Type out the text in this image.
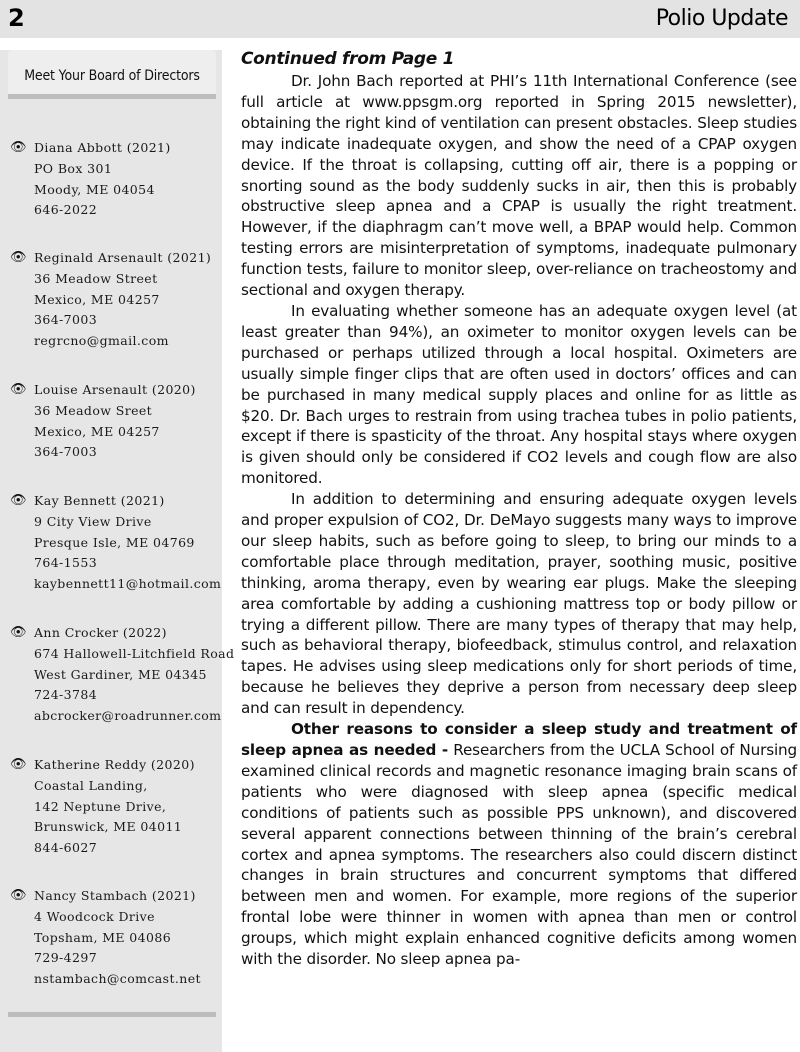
2	Polio Update
Meet Your Board of Directors
👁︎ Diana Abbott (2021)
PO Box 301
Moody, ME 04054
646-2022
👁︎ Reginald Arsenault (2021)
36 Meadow Street
Mexico, ME 04257
364-7003
regrcno@gmail.com
👁︎ Louise Arsenault (2020)
36 Meadow Sreet
Mexico, ME 04257
364-7003
👁︎ Kay Bennett (2021)
9 City View Drive
Presque Isle, ME 04769
764-1553
kaybennett11@hotmail.com
👁︎ Ann Crocker (2022)
674 Hallowell-Litchfield Road
West Gardiner, ME 04345
724-3784
abcrocker@roadrunner.com
👁︎ Katherine Reddy (2020)
Coastal Landing,
142 Neptune Drive,
Brunswick, ME 04011
844-6027
👁︎ Nancy Stambach (2021)
4 Woodcock Drive
Topsham, ME 04086
729-4297
nstambach@comcast.net
Continued from Page 1

Dr. John Bach reported at PHI’s 11th International Conference (see full article at www.ppsgm.org reported in Spring 2015 newsletter), obtaining the right kind of ventilation can present obstacles. Sleep studies may indicate inadequate oxygen, and show the need of a CPAP oxygen device. If the throat is collapsing, cutting off air, there is a popping or snorting sound as the body suddenly sucks in air, then this is probably obstructive sleep apnea and a CPAP is usually the right treatment. However, if the diaphragm can’t move well, a BPAP would help. Common testing errors are misinterpretation of symptoms, inadequate pulmonary function tests, failure to monitor sleep, over-reliance on tracheostomy and sectional and oxygen therapy.

In evaluating whether someone has an adequate oxygen level (at least greater than 94%), an oximeter to monitor oxygen levels can be purchased or perhaps utilized through a local hospital. Oximeters are usually simple finger clips that are often used in doctors’ offices and can be purchased in many medical supply places and online for as little as $20. Dr. Bach urges to restrain from using trachea tubes in polio patients, except if there is spasticity of the throat. Any hospital stays where oxygen is given should only be considered if CO2 levels and cough flow are also monitored.

In addition to determining and ensuring adequate oxygen levels and proper expulsion of CO2, Dr. DeMayo suggests many ways to improve our sleep habits, such as before going to sleep, to bring our minds to a comfortable place through meditation, prayer, soothing music, positive thinking, aroma therapy, even by wearing ear plugs. Make the sleeping area comfortable by adding a cushioning mattress top or body pillow or trying a different pillow. There are many types of therapy that may help, such as behavioral therapy, biofeedback, stimulus control, and relaxation tapes. He advises using sleep medications only for short periods of time, because he believes they deprive a person from necessary deep sleep and can result in dependency.

Other reasons to consider a sleep study and treatment of sleep apnea as needed - Researchers from the UCLA School of Nursing examined clinical records and magnetic resonance imaging brain scans of patients who were diagnosed with sleep apnea (specific medical conditions of patients such as possible PPS unknown), and discovered several apparent connections between thinning of the brain’s cerebral cortex and apnea symptoms. The researchers also could discern distinct changes in brain structures and concurrent symptoms that differed between men and women. For example, more regions of the superior frontal lobe were thinner in women with apnea than men or control groups, which might explain enhanced cognitive deficits among women with the disorder. No sleep apnea pa-
